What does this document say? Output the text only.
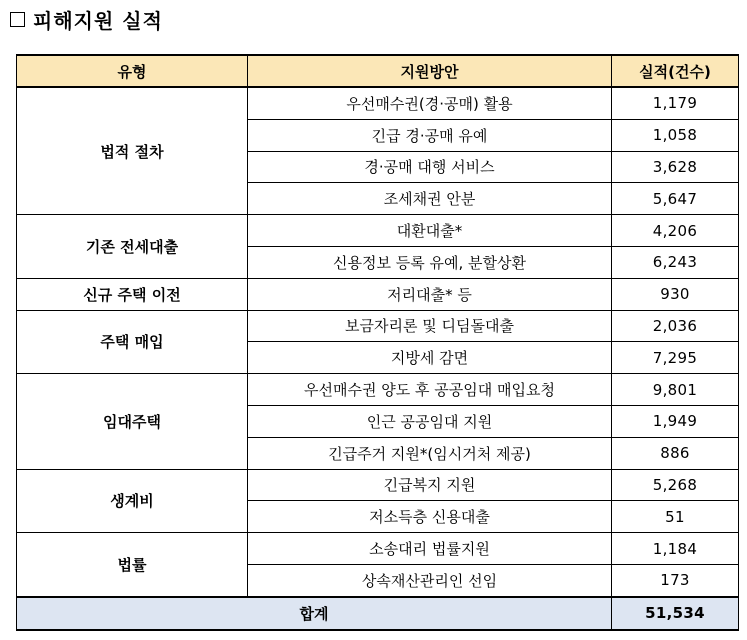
피해지원 실적
유형	지원방안	실적(건수)
법적 절차	우선매수권(경·공매) 활용	1,179
	긴급 경·공매 유예	1,058
	경·공매 대행 서비스	3,628
	조세채권 안분	5,647
기존 전세대출	대환대출*	4,206
	신용정보 등록 유예, 분할상환	6,243
신규 주택 이전	저리대출* 등	930
주택 매입	보금자리론 및 디딤돌대출	2,036
	지방세 감면	7,295
임대주택	우선매수권 양도 후 공공임대 매입요청	9,801
	인근 공공임대 지원	1,949
	긴급주거 지원*(임시거처 제공)	886
생계비	긴급복지 지원	5,268
	저소득층 신용대출	51
법률	소송대리 법률지원	1,184
	상속재산관리인 선임	173
합계		51,534
